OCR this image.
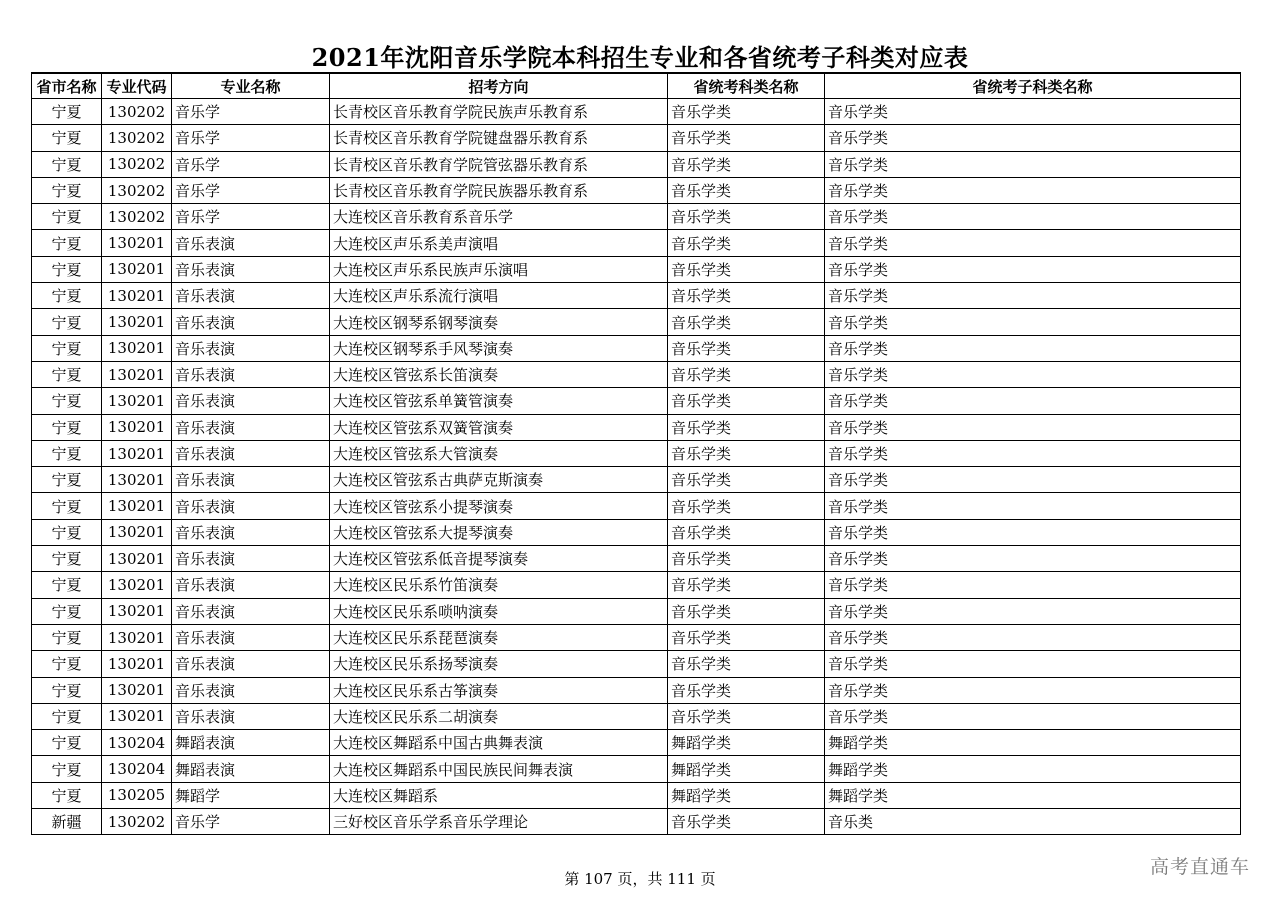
2021年沈阳音乐学院本科招生专业和各省统考子科类对应表
省市名称	专业代码	专业名称	招考方向	省统考科类名称	省统考子科类名称
宁夏	130202	音乐学	长青校区音乐教育学院民族声乐教育系	音乐学类	音乐学类
宁夏	130202	音乐学	长青校区音乐教育学院键盘器乐教育系	音乐学类	音乐学类
宁夏	130202	音乐学	长青校区音乐教育学院管弦器乐教育系	音乐学类	音乐学类
宁夏	130202	音乐学	长青校区音乐教育学院民族器乐教育系	音乐学类	音乐学类
宁夏	130202	音乐学	大连校区音乐教育系音乐学	音乐学类	音乐学类
宁夏	130201	音乐表演	大连校区声乐系美声演唱	音乐学类	音乐学类
宁夏	130201	音乐表演	大连校区声乐系民族声乐演唱	音乐学类	音乐学类
宁夏	130201	音乐表演	大连校区声乐系流行演唱	音乐学类	音乐学类
宁夏	130201	音乐表演	大连校区钢琴系钢琴演奏	音乐学类	音乐学类
宁夏	130201	音乐表演	大连校区钢琴系手风琴演奏	音乐学类	音乐学类
宁夏	130201	音乐表演	大连校区管弦系长笛演奏	音乐学类	音乐学类
宁夏	130201	音乐表演	大连校区管弦系单簧管演奏	音乐学类	音乐学类
宁夏	130201	音乐表演	大连校区管弦系双簧管演奏	音乐学类	音乐学类
宁夏	130201	音乐表演	大连校区管弦系大管演奏	音乐学类	音乐学类
宁夏	130201	音乐表演	大连校区管弦系古典萨克斯演奏	音乐学类	音乐学类
宁夏	130201	音乐表演	大连校区管弦系小提琴演奏	音乐学类	音乐学类
宁夏	130201	音乐表演	大连校区管弦系大提琴演奏	音乐学类	音乐学类
宁夏	130201	音乐表演	大连校区管弦系低音提琴演奏	音乐学类	音乐学类
宁夏	130201	音乐表演	大连校区民乐系竹笛演奏	音乐学类	音乐学类
宁夏	130201	音乐表演	大连校区民乐系唢呐演奏	音乐学类	音乐学类
宁夏	130201	音乐表演	大连校区民乐系琵琶演奏	音乐学类	音乐学类
宁夏	130201	音乐表演	大连校区民乐系扬琴演奏	音乐学类	音乐学类
宁夏	130201	音乐表演	大连校区民乐系古筝演奏	音乐学类	音乐学类
宁夏	130201	音乐表演	大连校区民乐系二胡演奏	音乐学类	音乐学类
宁夏	130204	舞蹈表演	大连校区舞蹈系中国古典舞表演	舞蹈学类	舞蹈学类
宁夏	130204	舞蹈表演	大连校区舞蹈系中国民族民间舞表演	舞蹈学类	舞蹈学类
宁夏	130205	舞蹈学	大连校区舞蹈系	舞蹈学类	舞蹈学类
新疆	130202	音乐学	三好校区音乐学系音乐学理论	音乐学类	音乐类
第 107 页，共 111 页
高考直通车
